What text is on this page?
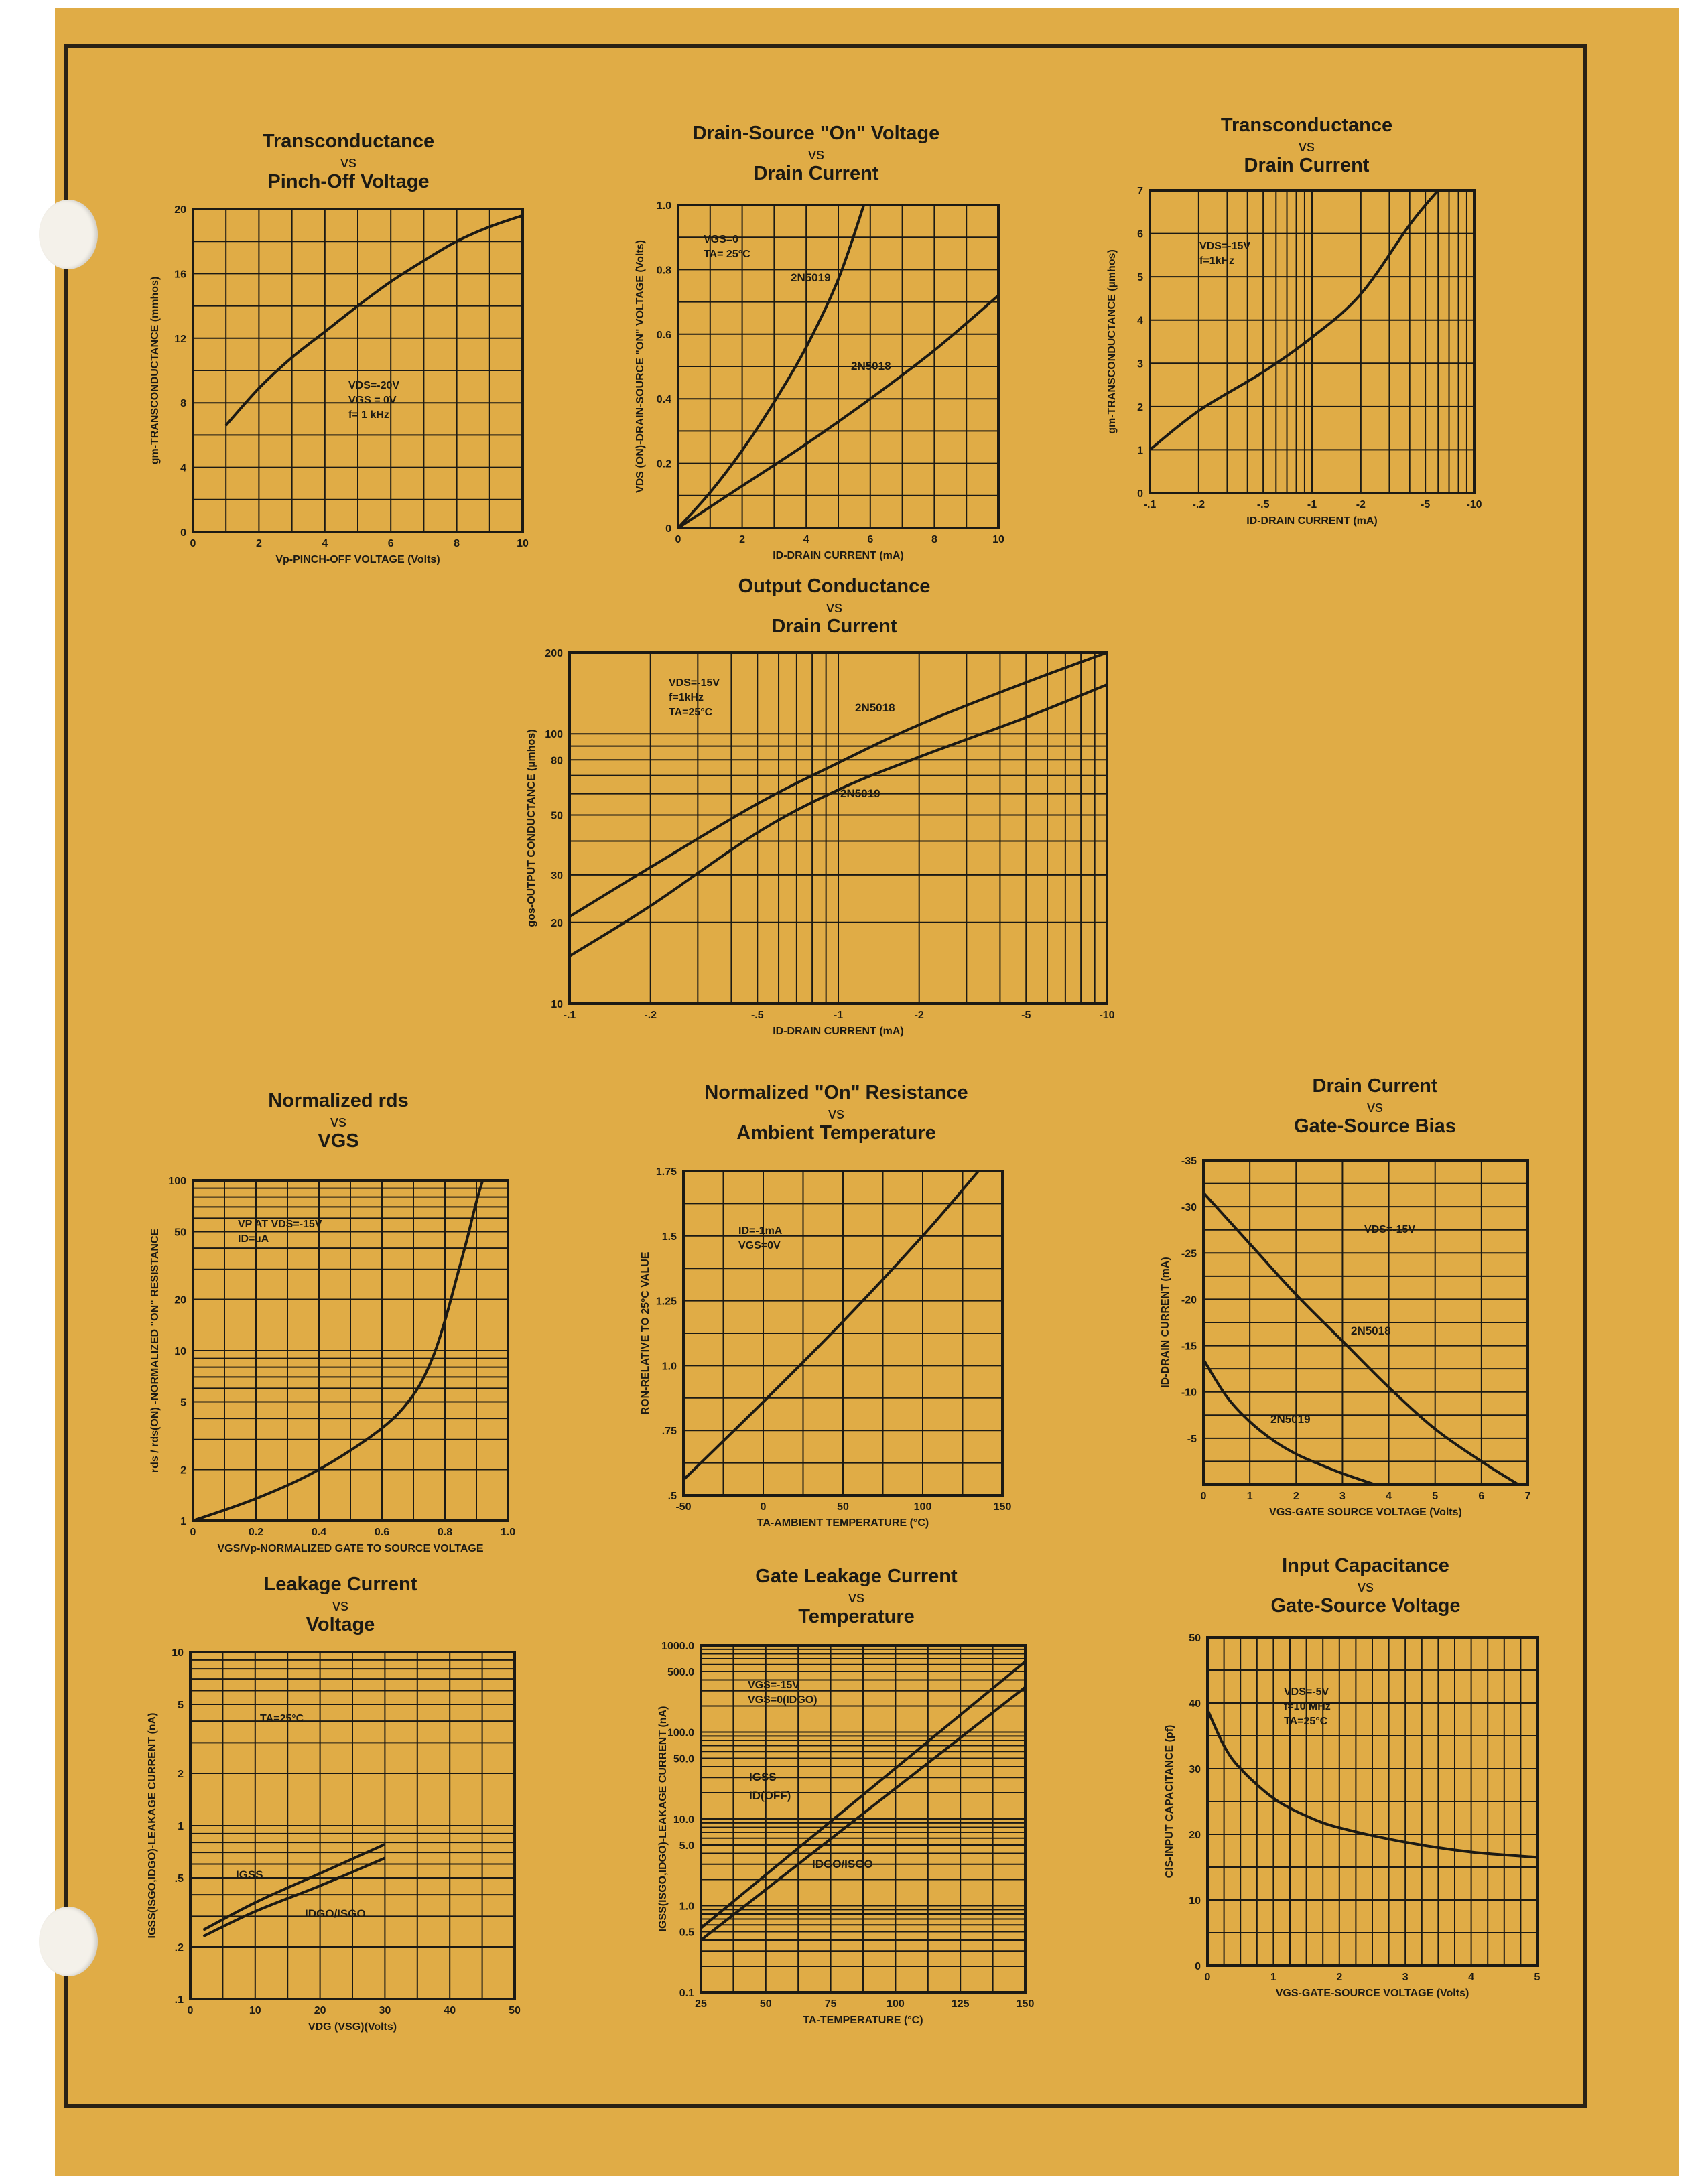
Transconductance
vs
Pinch-Off Voltage
0	2	4	6	8	10
0
4
8
12
16
20
Vp-PINCH-OFF VOLTAGE (Volts)
gm-TRANSCONDUCTANCE (mmhos)	VDS=-20V
VGS = 0V
f= 1 kHz
Drain-Source "On" Voltage
vs
Drain Current
0	2	4	6	8	10
0
0.2
0.4
0.6
0.8
1.0
ID-DRAIN CURRENT (mA)
VDS (ON)-DRAIN-SOURCE "ON" VOLTAGE (Volts)
VGS=0
TA= 25°C
2N5019
2N5018
Transconductance
vs
Drain Current
-.1	-.2	-.5	-1	-2	-5	-10
0
1
2
3
4
5
6
7
ID-DRAIN CURRENT (mA)
gm-TRANSCONDUCTANCE (µmhos)
VDS=-15V
f=1kHz
Output Conductance
vs
Drain Current
-.1	-.2	-.5	-1	-2	-5	-10
10
20
30
50
80
100
200
ID-DRAIN CURRENT (mA)
gos-OUTPUT CONDUCTANCE (µmhos)
VDS=-15V
f=1kHz
TA=25°C	2N5018
2N5019
Normalized rds
vs
VGS
0	0.2	0.4	0.6	0.8	1.0
1
2
5
10
20
50
100
VGS/Vp-NORMALIZED GATE TO SOURCE VOLTAGE
rds / rds(ON) -NORMALIZED "ON" RESISTANCE
VP AT VDS=-15V
ID=µA
Normalized "On" Resistance
vs
Ambient Temperature
-50	0	50	100	150
.5
.75
1.0
1.25
1.5
1.75
TA-AMBIENT TEMPERATURE (°C)
RON-RELATIVE TO 25°C VALUE
ID=-1mA
VGS=0V
Drain Current
vs
Gate-Source Bias
0	1	2	3	4	5	6	7
-5
-10
-15
-20
-25
-30
-35
VGS-GATE SOURCE VOLTAGE (Volts)
ID-DRAIN CURRENT (mA)
VDS=-15V
2N5018
2N5019
Leakage Current
vs
Voltage
0	10	20	30	40	50
.1
.2
.5
1
2
5
10
VDG (VSG)(Volts)
IGSS(ISGO,IDGO)-LEAKAGE CURRENT (nA)	TA=25°C
IGSS
IDGO/ISGO
Gate Leakage Current
vs
Temperature
25	50	75	100	125	150
0.1
0.5
1.0
5.0
10.0
50.0
100.0
500.0
1000.0
TA-TEMPERATURE (°C)
IGSS(ISGO,IDGO)-LEAKAGE CURRENT (nA)
VGS=-15V
VGS=0(IDGO)
IGSS
ID(OFF)
IDGO/ISGO
Input Capacitance
vs
Gate-Source Voltage
0	1	2	3	4	5
0
10
20
30
40
50
VGS-GATE-SOURCE VOLTAGE (Volts)
CIS-INPUT CAPACITANCE (pf)
VDS=-5V
f=10 MHz
TA=25°C
